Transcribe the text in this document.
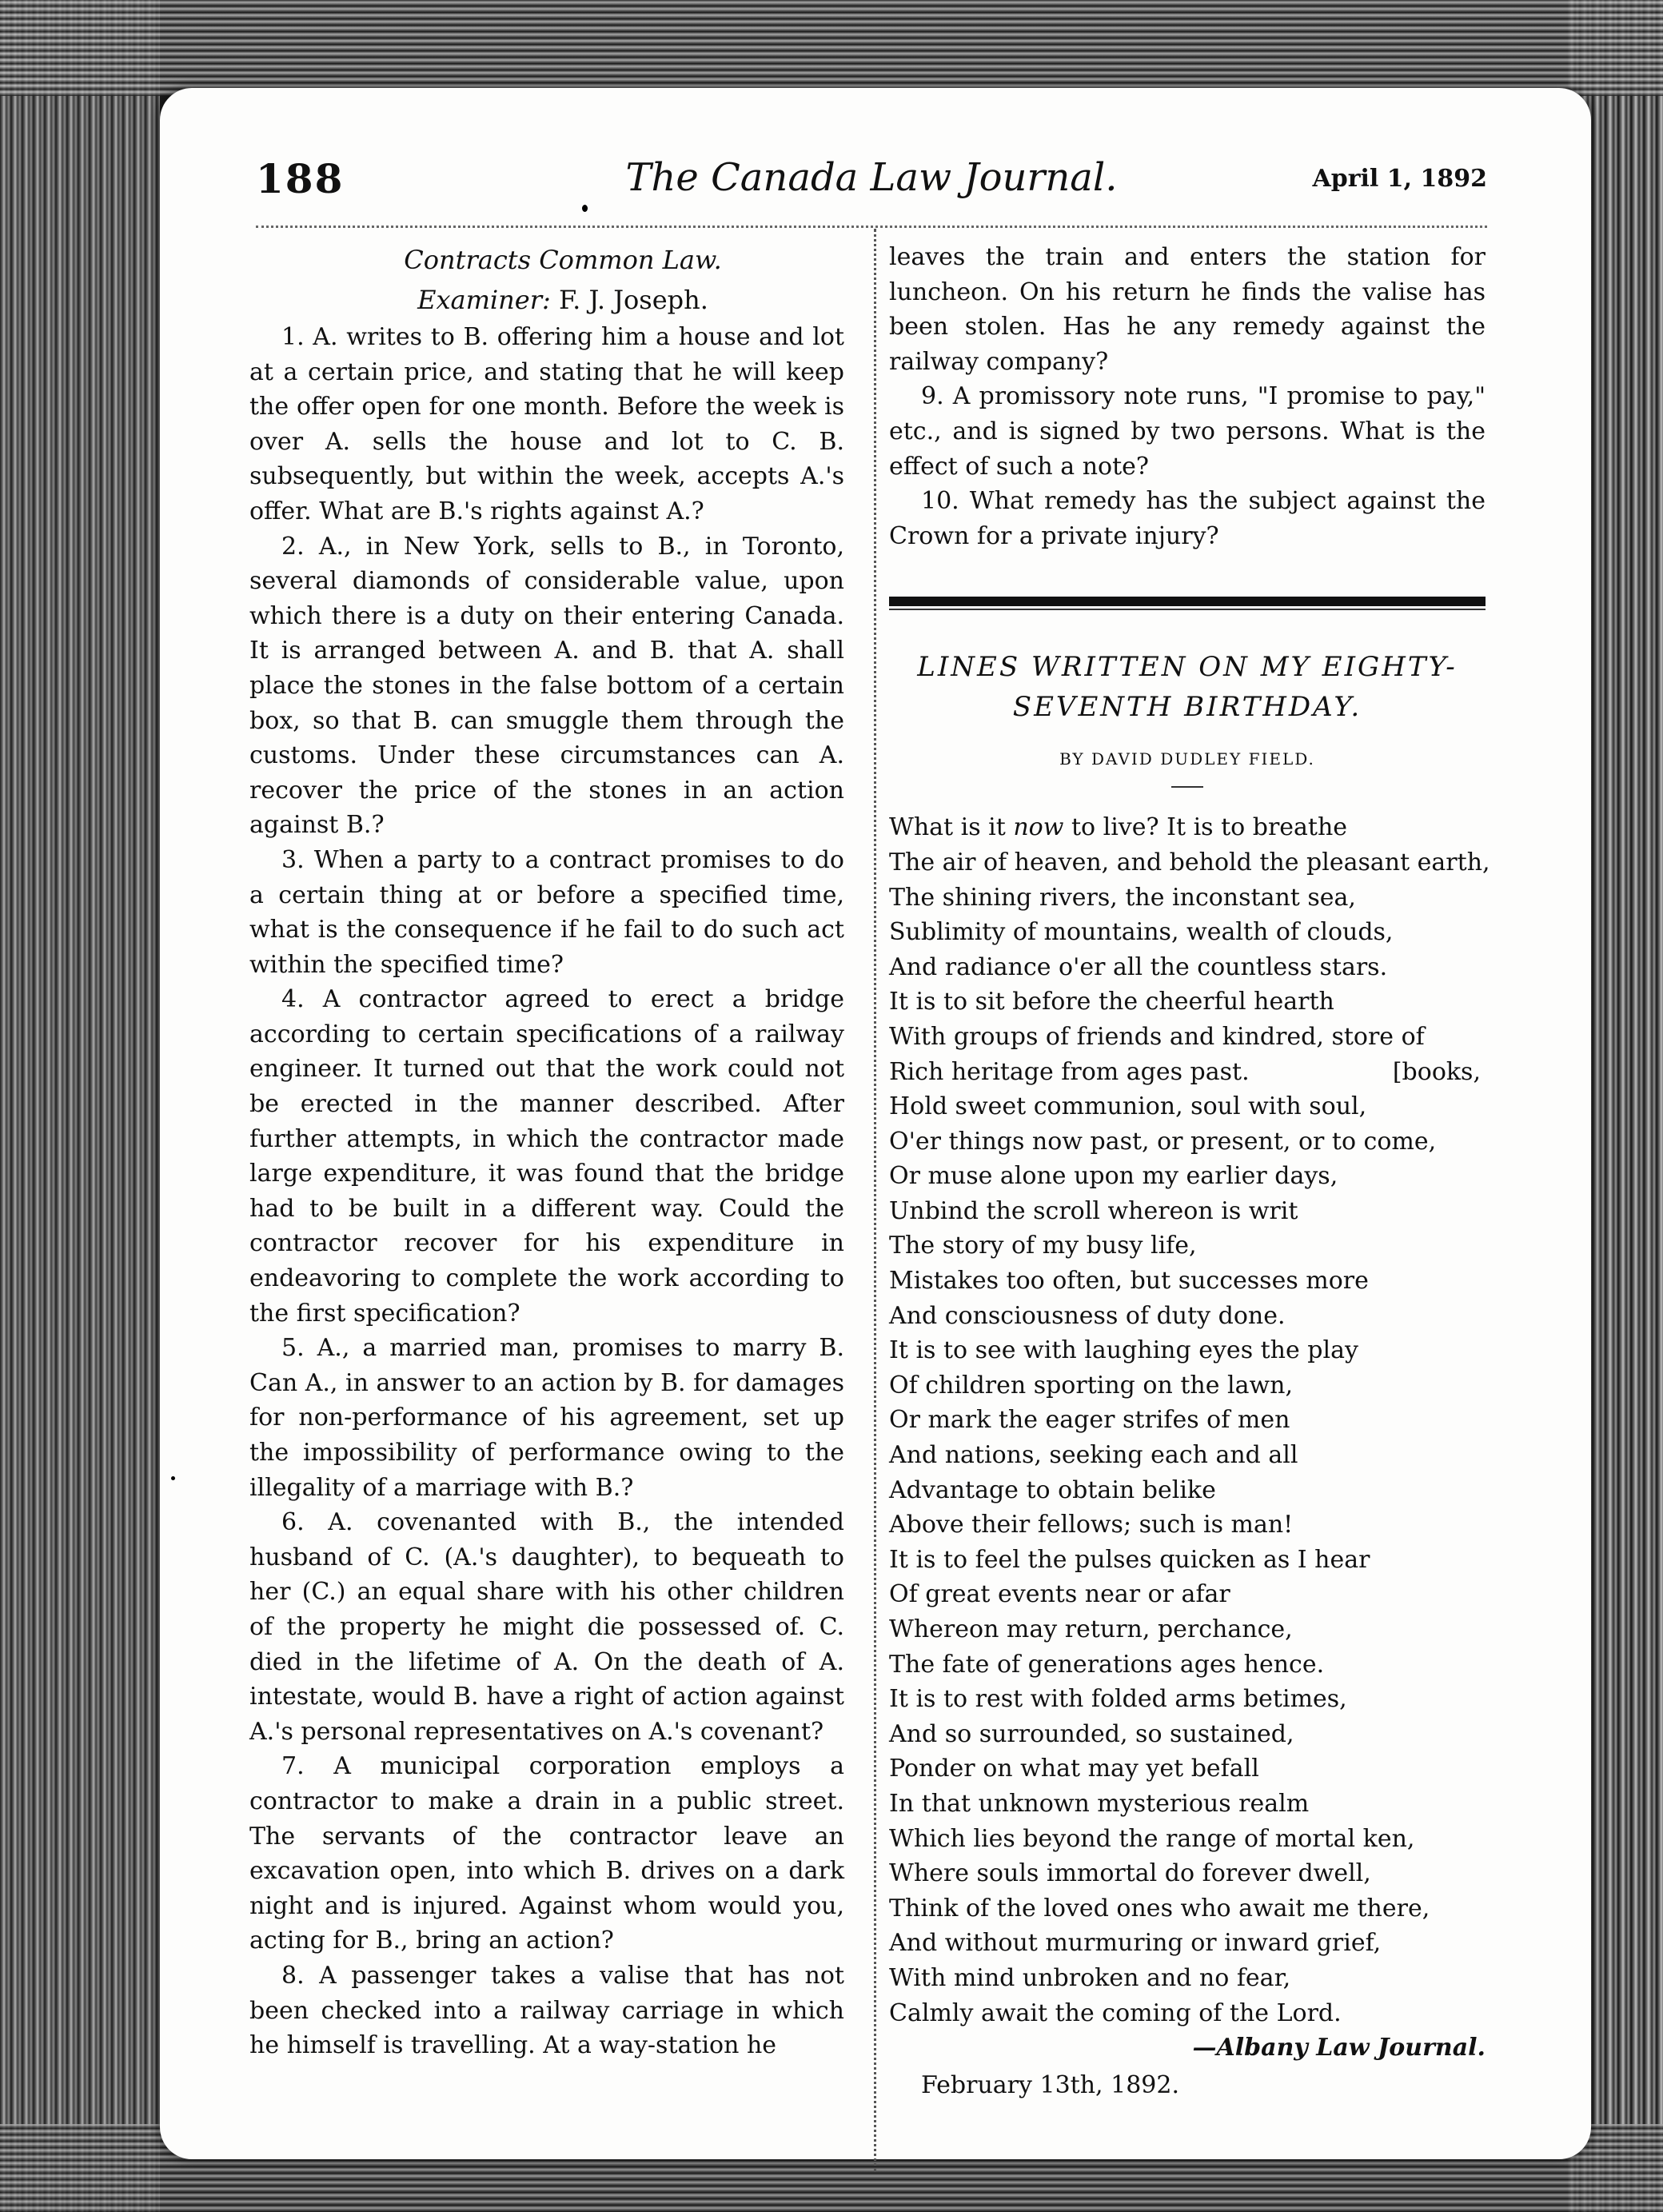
188	The Canada Law Journal.	April 1, 1892

Contracts Common Law.

Examiner: F. J. Joseph.

1. A. writes to B. offering him a house and lot at a certain price, and stating that he will keep the offer open for one month. Before the week is over A. sells the house and lot to C. B. subsequently, but within the week, accepts A.'s offer. What are B.'s rights against A.?

2. A., in New York, sells to B., in Toronto, several diamonds of considerable value, upon which there is a duty on their entering Canada. It is arranged between A. and B. that A. shall place the stones in the false bottom of a certain box, so that B. can smuggle them through the customs. Under these circumstances can A. recover the price of the stones in an action against B.?

3. When a party to a contract promises to do a certain thing at or before a specified time, what is the consequence if he fail to do such act within the specified time?

4. A contractor agreed to erect a bridge according to certain specifications of a railway engineer. It turned out that the work could not be erected in the manner described. After further attempts, in which the contractor made large expenditure, it was found that the bridge had to be built in a different way. Could the contractor recover for his expenditure in endeavoring to complete the work according to the first specification?

5. A., a married man, promises to marry B. Can A., in answer to an action by B. for damages for non-performance of his agreement, set up the impossibility of performance owing to the illegality of a marriage with B.?

6. A. covenanted with B., the intended husband of C. (A.'s daughter), to bequeath to her (C.) an equal share with his other children of the property he might die possessed of. C. died in the lifetime of A. On the death of A. intestate, would B. have a right of action against A.'s personal representatives on A.'s covenant?

7. A municipal corporation employs a contractor to make a drain in a public street. The servants of the contractor leave an excavation open, into which B. drives on a dark night and is injured. Against whom would you, acting for B., bring an action?

8. A passenger takes a valise that has not been checked into a railway carriage in which he himself is travelling. At a way-station he

leaves the train and enters the station for luncheon. On his return he finds the valise has been stolen. Has he any remedy against the railway company?

9. A promissory note runs, "I promise to pay," etc., and is signed by two persons. What is the effect of such a note?

10. What remedy has the subject against the Crown for a private injury?

LINES WRITTEN ON MY EIGHTY-
SEVENTH BIRTHDAY.
BY DAVID DUDLEY FIELD.
What is it now to live? It is to breathe
The air of heaven, and behold the pleasant earth,
The shining rivers, the inconstant sea,
Sublimity of mountains, wealth of clouds,
And radiance o'er all the countless stars.
It is to sit before the cheerful hearth
With groups of friends and kindred, store of
Rich heritage from ages past.	[books,
Hold sweet communion, soul with soul,
O'er things now past, or present, or to come,
Or muse alone upon my earlier days,
Unbind the scroll whereon is writ
The story of my busy life,
Mistakes too often, but successes more
And consciousness of duty done.
It is to see with laughing eyes the play
Of children sporting on the lawn,
Or mark the eager strifes of men
And nations, seeking each and all
Advantage to obtain belike
Above their fellows; such is man!
It is to feel the pulses quicken as I hear
Of great events near or afar
Whereon may return, perchance,
The fate of generations ages hence.
It is to rest with folded arms betimes,
And so surrounded, so sustained,
Ponder on what may yet befall
In that unknown mysterious realm
Which lies beyond the range of mortal ken,
Where souls immortal do forever dwell,
Think of the loved ones who await me there,
And without murmuring or inward grief,
With mind unbroken and no fear,
Calmly await the coming of the Lord.

—Albany Law Journal.

February 13th, 1892.
